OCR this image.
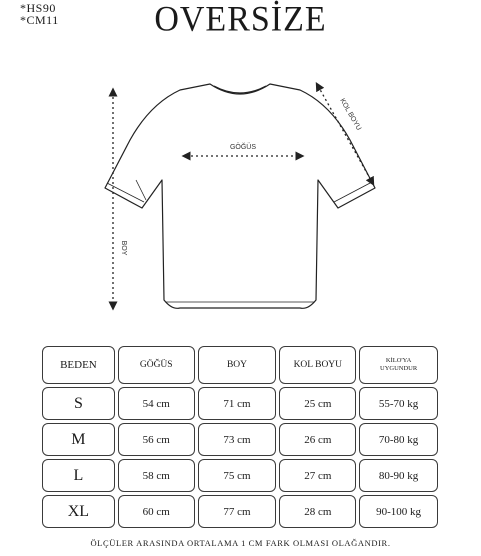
*HS90
*CM11	OVERSİZE
GÖĞÜS
KOL BOYU
BOY
BEDEN	GÖĞÜS	BOY	KOL BOYU	KİLO'YA
UYGUNDUR
S	54 cm	71 cm	25 cm	55-70 kg
M	56 cm	73 cm	26 cm	70-80 kg
L	58 cm	75 cm	27 cm	80-90 kg
XL	60 cm	77 cm	28 cm	90-100 kg
ÖLÇÜLER ARASINDA ORTALAMA 1 CM FARK OLMASI OLAĞANDIR.
